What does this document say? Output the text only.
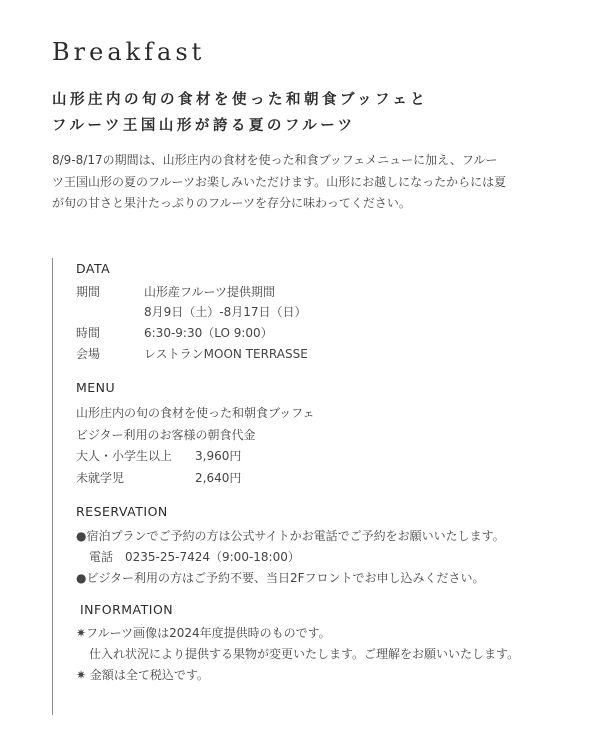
Breakfast
山形庄内の旬の食材を使った和朝食ブッフェと
フルーツ王国山形が誇る夏のフルーツ

8/9-8/17の期間は、山形庄内の食材を使った和食ブッフェメニューに加え、フルー
ツ王国山形の夏のフルーツお楽しみいただけます。山形にお越しになったからには夏
が旬の甘さと果汁たっぷりのフルーツを存分に味わってください。

DATA
期間	山形産フルーツ提供期間
8月9日（土）-8月17日（日）
時間	6:30-9:30（LO 9:00）
会場	レストランMOON TERRASSE
MENU
山形庄内の旬の食材を使った和朝食ブッフェ
ビジター利用のお客様の朝食代金
大人・小学生以上 3,960円
未就学児	2,640円
RESERVATION
●宿泊プランでご予約の方は公式サイトかお電話でご予約をお願いいたします。
電話　0235-25-7424（9:00-18:00）
●ビジター利用の方はご予約不要、当日2Fフロントでお申し込みください。
INFORMATION
✷フルーツ画像は2024年度提供時のものです。
仕入れ状況により提供する果物が変更いたします。ご理解をお願いいたします。
✷ 金額は全て税込です。
